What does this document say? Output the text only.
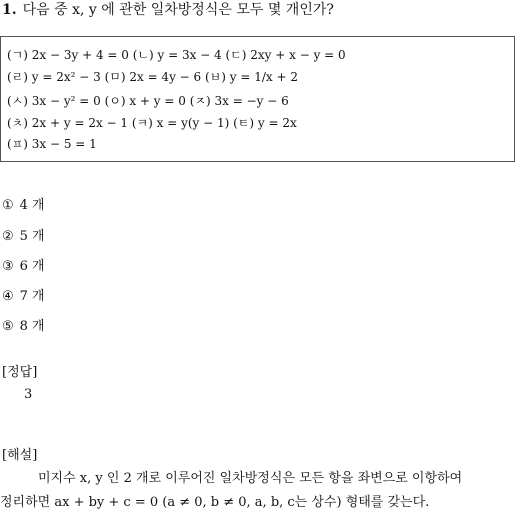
1. 다음 중 x, y 에 관한 일차방정식은 모두 몇 개인가?
(ㄱ) 2x − 3y + 4 = 0 (ㄴ) y = 3x − 4 (ㄷ) 2xy + x − y = 0
(ㄹ) y = 2x² − 3 (ㅁ) 2x = 4y − 6 (ㅂ) y = 1/x + 2
(ㅅ) 3x − y² = 0 (ㅇ) x + y = 0 (ㅈ) 3x = −y − 6
(ㅊ) 2x + y = 2x − 1 (ㅋ) x = y(y − 1) (ㅌ) y = 2x
(ㅍ) 3x − 5 = 1
① 4 개
② 5 개
③ 6 개
④ 7 개
⑤ 8 개
[정답]
3
[해설]
미지수 x, y 인 2 개로 이루어진 일차방정식은 모든 항을 좌변으로 이항하여
정리하면 ax + by + c = 0 (a ≠ 0, b ≠ 0, a, b, c는 상수) 형태를 갖는다.
